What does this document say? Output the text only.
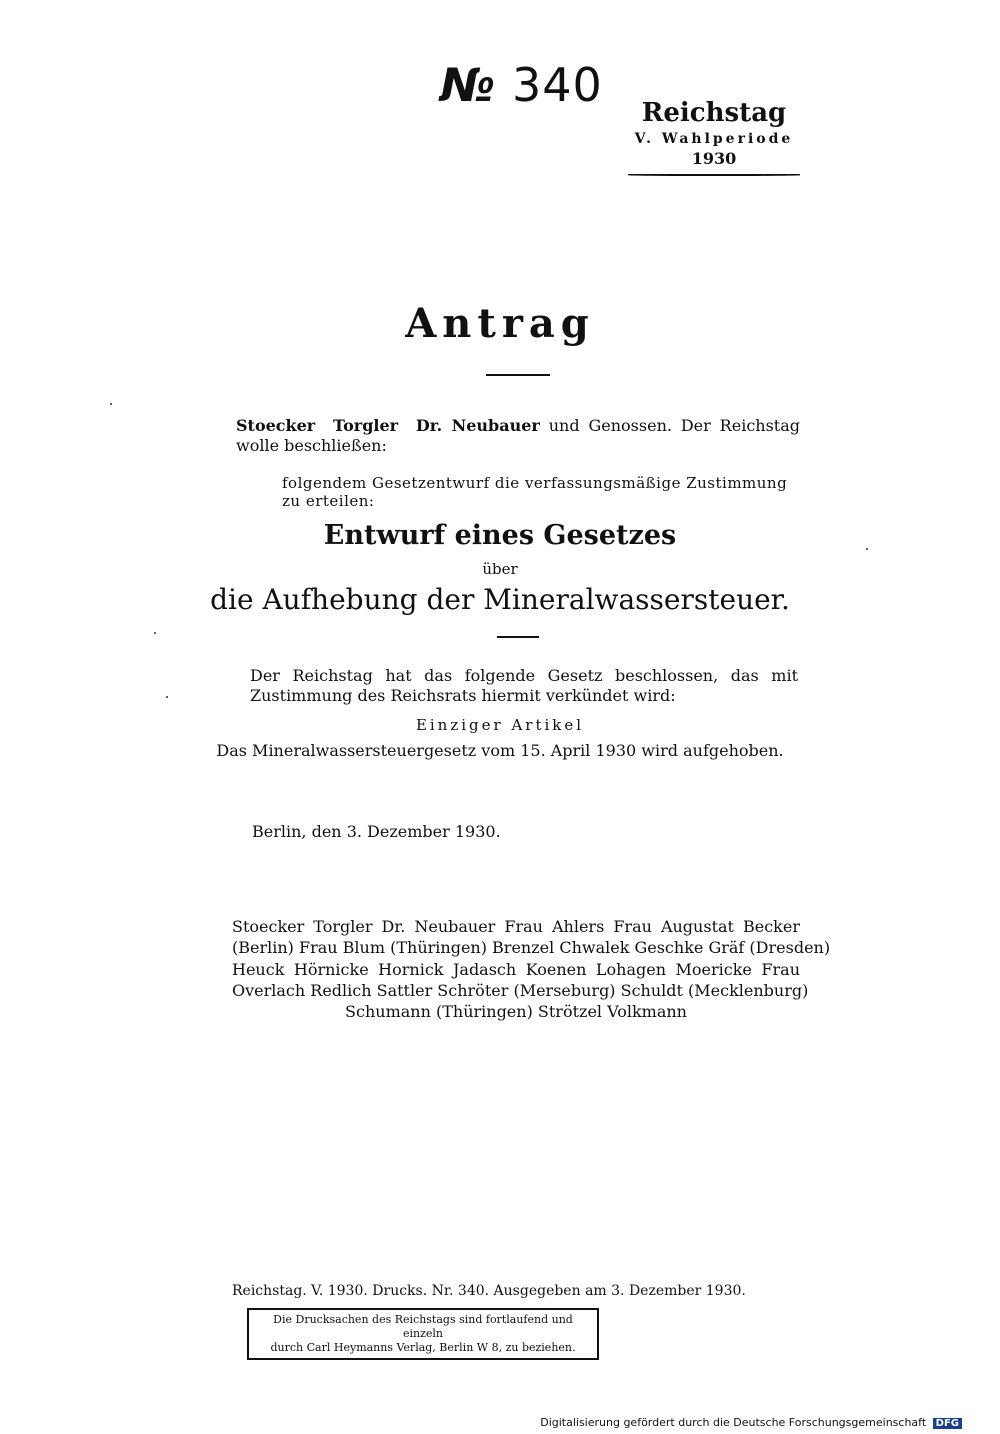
№ 340
Reichstag
V. Wahlperiode
1930
Antrag
Stoecker Torgler Dr. Neubauer und Genossen. Der Reichstag wolle beschließen:
folgendem Gesetzentwurf die verfassungsmäßige Zustimmung zu erteilen:
Entwurf eines Gesetzes
über
die Aufhebung der Mineralwassersteuer.
Der Reichstag hat das folgende Gesetz beschlossen, das mit Zustimmung des Reichsrats hiermit verkündet wird:
Einziger Artikel
Das Mineralwassersteuergesetz vom 15. April 1930 wird aufgehoben.
Berlin, den 3. Dezember 1930.
Stoecker Torgler Dr. Neubauer Frau Ahlers Frau Augustat Becker
(Berlin) Frau Blum (Thüringen) Brenzel Chwalek Geschke Gräf (Dresden)
Heuck Hörnicke Hornick Jadasch Koenen Lohagen Moericke Frau
Overlach Redlich Sattler Schröter (Merseburg) Schuldt (Mecklenburg)
Schumann (Thüringen) Strötzel Volkmann
Reichstag. V. 1930. Drucks. Nr. 340. Ausgegeben am 3. Dezember 1930.
Die Drucksachen des Reichstags sind fortlaufend und einzeln
durch Carl Heymanns Verlag, Berlin W 8, zu beziehen.
Digitalisierung gefördert durch die Deutsche Forschungsgemeinschaft DFG
